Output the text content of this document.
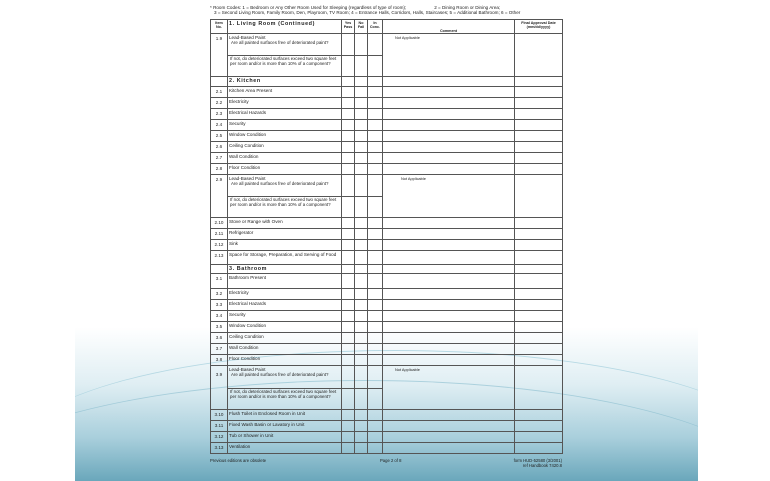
* Room Codes: 1 = Bedroom or Any Other Room Used for Sleeping (regardless of type of room);	2 = Dining Room or Dining Area;
3 = Second Living Room, Family Room, Den, Playroom, TV Room; 4 = Entrance Halls, Corridors, Halls, Staircases; 5 = Additional Bathroom; 6 = Other
Item No.	1. Living Room (Continued)	Yes Pass	No Fail	In Conc.	Comment	Final Approval Date (mm/dd/yyyy)
1.9	Lead-Based Paint
Are all painted surfaces free of deteriorated paint?				Not Applicable	
	If not, do deteriorated surfaces exceed two square feet per room and/or is more than 10% of a component?					
	2. Kitchen					
2.1	Kitchen Area Present					
2.2	Electricity					
2.3	Electrical Hazards					
2.4	Security					
2.5	Window Condition					
2.6	Ceiling Condition					
2.7	Wall Condition					
2.8	Floor Condition					
2.9	Lead-Based Paint
Are all painted surfaces free of deteriorated paint?				Not Applicable	
	If not, do deteriorated surfaces exceed two square feet per room and/or is more than 10% of a component?					
2.10	Stove or Range with Oven					
2.11	Refrigerator					
2.12	Sink					
2.13	Space for Storage, Preparation, and Serving of Food					
	3. Bathroom					
3.1	Bathroom Present					
3.2	Electricity					
3.3	Electrical Hazards					
3.4	Security					
3.5	Window Condition					
3.6	Ceiling Condition					
3.7	Wall Condition					
3.8	Floor Condition					
3.9	Lead-Based Paint
Are all painted surfaces free of deteriorated paint?				Not Applicable	
	If not, do deteriorated surfaces exceed two square feet per room and/or is more than 10% of a component?					
3.10	Flush Toilet in Enclosed Room in Unit					
3.11	Fixed Wash Basin or Lavatory in Unit					
3.12	Tub or Shower in Unit					
3.13	Ventilation					
Previous editions are obsolete	Page 2 of 8	form HUD-52580 (3/2001)
ref Handbook 7420.8
